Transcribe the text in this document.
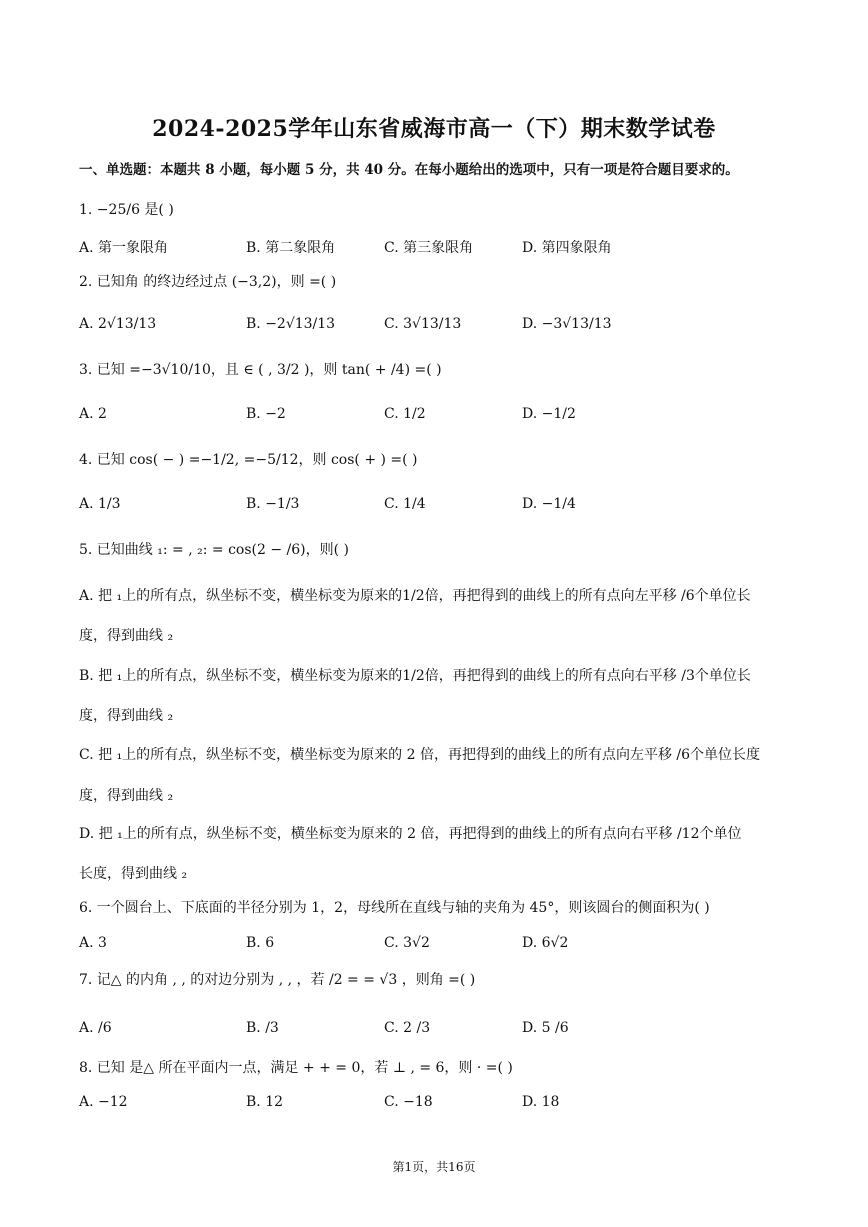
2024-2025学年山东省威海市高一（下）期末数学试卷
一、单选题：本题共 8 小题，每小题 5 分，共 40 分。在每小题给出的选项中，只有一项是符合题目要求的。
1. −25/6 是( )
A. 第一象限角	B. 第二象限角	C. 第三象限角	D. 第四象限角
2. 已知角 的终边经过点 (−3,2)，则 =( )
A. 2√13/13	B. −2√13/13	C. 3√13/13	D. −3√13/13
3. 已知 =−3√10/10，且 ∈ ( , 3/2 )，则 tan( + /4) =( )
A. 2	B. −2	C. 1/2	D. −1/2
4. 已知 cos( − ) =−1/2, =−5/12，则 cos( + ) =( )
A. 1/3	B. −1/3	C. 1/4	D. −1/4
5. 已知曲线 ₁: = , ₂: = cos(2 − /6)，则( )
A. 把 ₁上的所有点，纵坐标不变，横坐标变为原来的1/2倍，再把得到的曲线上的所有点向左平移 /6个单位长
度，得到曲线 ₂
B. 把 ₁上的所有点，纵坐标不变，横坐标变为原来的1/2倍，再把得到的曲线上的所有点向右平移 /3个单位长
度，得到曲线 ₂
C. 把 ₁上的所有点，纵坐标不变，横坐标变为原来的 2 倍，再把得到的曲线上的所有点向左平移 /6个单位长度
度，得到曲线 ₂
D. 把 ₁上的所有点，纵坐标不变，横坐标变为原来的 2 倍，再把得到的曲线上的所有点向右平移 /12个单位
长度，得到曲线 ₂
6. 一个圆台上、下底面的半径分别为 1，2，母线所在直线与轴的夹角为 45°，则该圆台的侧面积为( )
A. 3	B. 6	C. 3√2	D. 6√2
7. 记△ 的内角 , , 的对边分别为 , , ，若 /2 = = √3 ，则角 =( )
A. /6	B. /3	C. 2 /3	D. 5 /6
8. 已知 是△ 所在平面内一点，满足 + + = 0，若 ⊥ , = 6，则 · =( )
A. −12	B. 12	C. −18	D. 18
第1页，共16页
